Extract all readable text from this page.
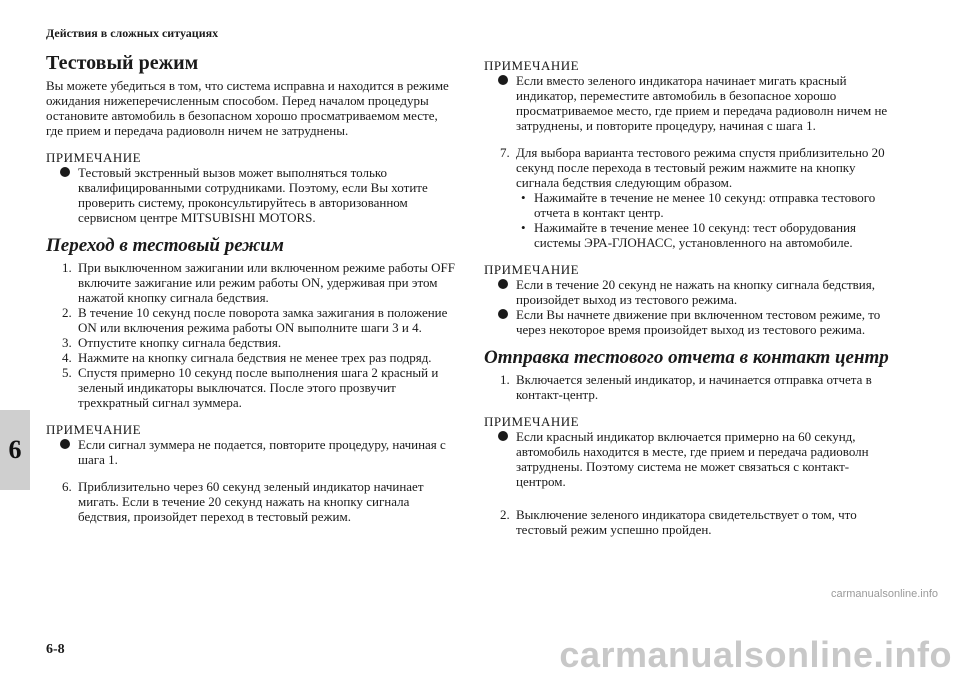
Действия в сложных ситуациях
6
Тестовый режим

Вы можете убедиться в том, что система исправна и находится в режиме ожидания нижеперечисленным способом. Перед началом процедуры остановите автомобиль в безопасном хорошо просматриваемом месте, где прием и передача радиоволн ничем не затруднены.

ПРИМЕЧАНИЕ

Тестовый экстренный вызов может выполняться только квалифицированными сотрудниками. Поэтому, если Вы хотите проверить систему, проконсультируйтесь в авторизованном сервисном центре MITSUBISHI MOTORS.
Переход в тестовый режим
1. При выключенном зажигании или включенном режиме работы OFF включите зажигание или режим работы ON, удерживая при этом нажатой кнопку сигнала бедствия.
2. В течение 10 секунд после поворота замка зажигания в положение ON или включения режима работы ON выполните шаги 3 и 4.
3. Отпустите кнопку сигнала бедствия.
4. Нажмите на кнопку сигнала бедствия не менее трех раз подряд.
5. Спустя примерно 10 секунд после выполнения шага 2 красный и зеленый индикаторы выключатся. После этого прозвучит трехкратный сигнал зуммера.

ПРИМЕЧАНИЕ

Если сигнал зуммера не подается, повторите процедуру, начиная с шага 1.
6. Приблизительно через 60 секунд зеленый индикатор начинает мигать. Если в течение 20 секунд нажать на кнопку сигнала бедствия, произойдет переход в тестовый режим.

ПРИМЕЧАНИЕ

Если вместо зеленого индикатора начинает мигать красный индикатор, переместите автомобиль в безопасное хорошо просматриваемое место, где прием и передача радиоволн ничем не затруднены, и повторите процедуру, начиная с шага 1.
7. Для выбора варианта тестового режима спустя приблизительно 20 секунд после перехода в тестовый режим нажмите на кнопку сигнала бедствия следующим образом.
• Нажимайте в течение не менее 10 секунд: отправка тестового отчета в контакт центр.
• Нажимайте в течение менее 10 секунд: тест оборудования системы ЭРА-ГЛОНАСС, установленного на автомобиле.

ПРИМЕЧАНИЕ

Если в течение 20 секунд не нажать на кнопку сигнала бедствия, произойдет выход из тестового режима.
Если Вы начнете движение при включенном тестовом режиме, то через некоторое время произойдет выход из тестового режима.
Отправка тестового отчета в контакт центр
1. Включается зеленый индикатор, и начинается отправка отчета в контакт-центр.

ПРИМЕЧАНИЕ

Если красный индикатор включается примерно на 60 секунд, автомобиль находится в месте, где прием и передача радиоволн затруднены. Поэтому система не может связаться с контакт-центром.
2. Выключение зеленого индикатора свидетельствует о том, что тестовый режим успешно пройден.
6-8
carmanualsonline.info
carmanualsonline.info
